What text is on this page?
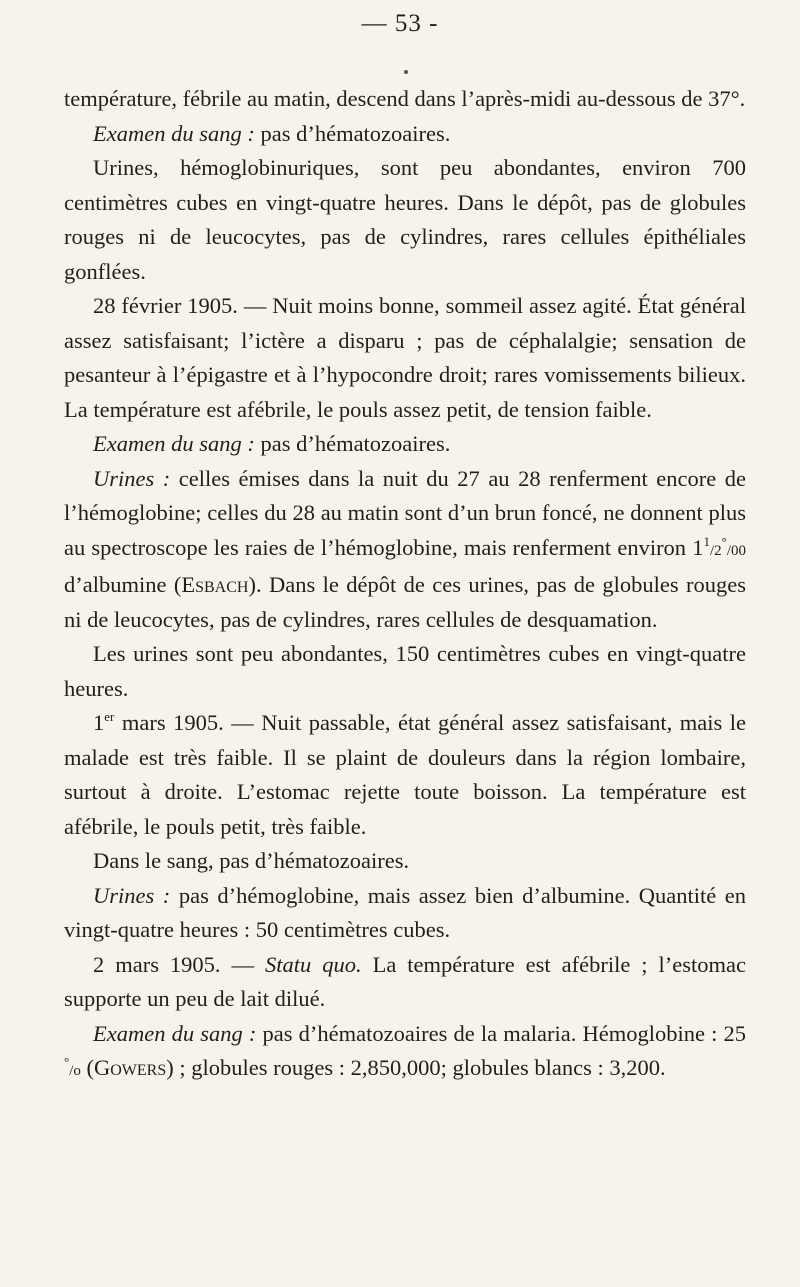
— 53 -

température, fébrile au matin, descend dans l’après-midi au-dessous de 37°.

Examen du sang : pas d’hématozoaires.

Urines, hémoglobinuriques, sont peu abondantes, environ 700 centimètres cubes en vingt-quatre heures. Dans le dépôt, pas de globules rouges ni de leucocytes, pas de cylindres, rares cellules épithéliales gonflées.

28 février 1905. — Nuit moins bonne, sommeil assez agité. État général assez satisfaisant; l’ictère a disparu ; pas de céphalalgie; sensation de pesanteur à l’épigastre et à l’hypocondre droit; rares vomissements bilieux. La température est afébrile, le pouls assez petit, de tension faible.

Examen du sang : pas d’hématozoaires.

Urines : celles émises dans la nuit du 27 au 28 renferment encore de l’hémoglobine; celles du 28 au matin sont d’un brun foncé, ne donnent plus au spectroscope les raies de l’hémoglobine, mais renferment environ $1^1/2^\circ/00$ d’albumine (Esbach). Dans le dépôt de ces urines, pas de globules rouges ni de leucocytes, pas de cylindres, rares cellules de desquamation.

Les urines sont peu abondantes, 150 centimètres cubes en vingt-quatre heures.

1er mars 1905. — Nuit passable, état général assez satisfaisant, mais le malade est très faible. Il se plaint de douleurs dans la région lombaire, surtout à droite. L’estomac rejette toute boisson. La température est afébrile, le pouls petit, très faible.

Dans le sang, pas d’hématozoaires.

Urines : pas d’hémoglobine, mais assez bien d’albumine. Quantité en vingt-quatre heures : 50 centimètres cubes.

2 mars 1905. — Statu quo. La température est afébrile ; l’estomac supporte un peu de lait dilué.

Examen du sang : pas d’hématozoaires de la malaria. Hémoglobine : 25 °/o (Gowers) ; globules rouges : 2,850,000; globules blancs : 3,200.
